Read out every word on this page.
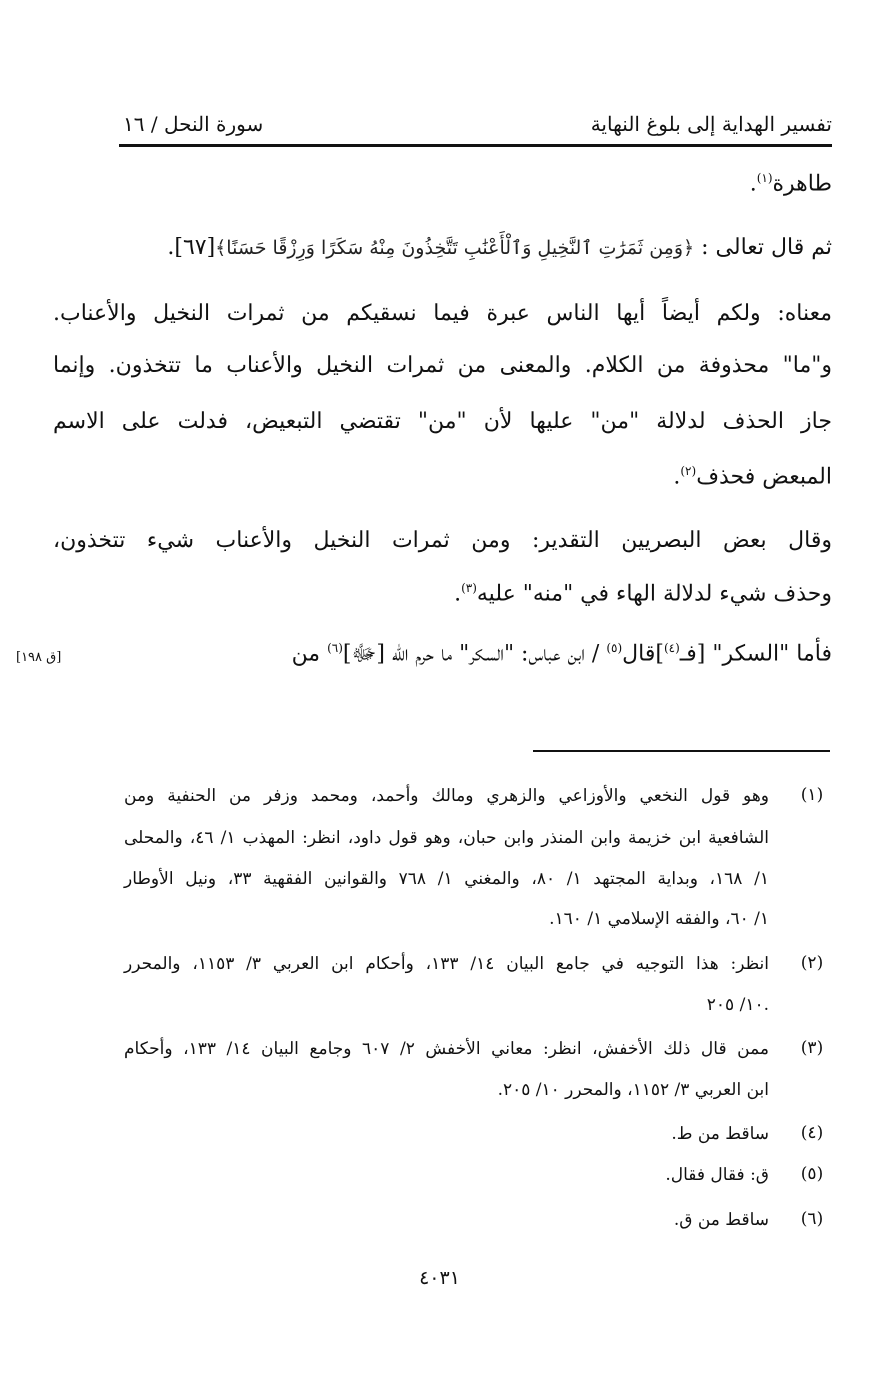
تفسير الهداية إلى بلوغ النهاية
سورة النحل / ١٦
طاهرة$^{(١)}$.
ثم قال تعالى : ﴿وَمِن ثَمَرَٰتِ ٱلنَّخِيلِ وَٱلْأَعْنَٰبِ تَتَّخِذُونَ مِنْهُ سَكَرًا وَرِزْقًا حَسَنًا﴾[٦٧].
معناه: ولكم أيضاً أيها الناس عبرة فيما نسقيكم من ثمرات النخيل والأعناب.
و"ما" محذوفة من الكلام. والمعنى من ثمرات النخيل والأعناب ما تتخذون. وإنما
جاز الحذف لدلالة "من" عليها لأن "من" تقتضي التبعيض، فدلت على الاسم
المبعض فحذف$^{(٢)}$.
وقال بعض البصريين التقدير: ومن ثمرات النخيل والأعناب شيء تتخذون،
وحذف شيء لدلالة الهاء في "منه" عليه$^{(٣)}$.
فأما "السكر" [فـ$^{(٤)}$]قال$^{(٥)}$ / ابن عباس: "السكر" ما حرم الله [ﷻ]$^{(٦)}$ من
[ق ١٩٨]
(١)
وهو قول النخعي والأوزاعي والزهري ومالك وأحمد، ومحمد وزفر من الحنفية ومن
الشافعية ابن خزيمة وابن المنذر وابن حبان، وهو قول داود، انظر: المهذب ١/ ٤٦، والمحلى
١/ ١٦٨، وبداية المجتهد ١/ ٨٠، والمغني ١/ ٧٦٨ والقوانين الفقهية ٣٣، ونيل الأوطار
١/ ٦٠، والفقه الإسلامي ١/ ١٦٠.
(٢)
انظر: هذا التوجيه في جامع البيان ١٤/ ١٣٣، وأحكام ابن العربي ٣/ ١١٥٣، والمحرر
١٠/ ٢٠٥.
(٣)
ممن قال ذلك الأخفش، انظر: معاني الأخفش ٢/ ٦٠٧ وجامع البيان ١٤/ ١٣٣، وأحكام
ابن العربي ٣/ ١١٥٢، والمحرر ١٠/ ٢٠٥.
(٤)
ساقط من ط.
(٥)
ق: فقال فقال.
(٦)
ساقط من ق.
٤٠٣١
